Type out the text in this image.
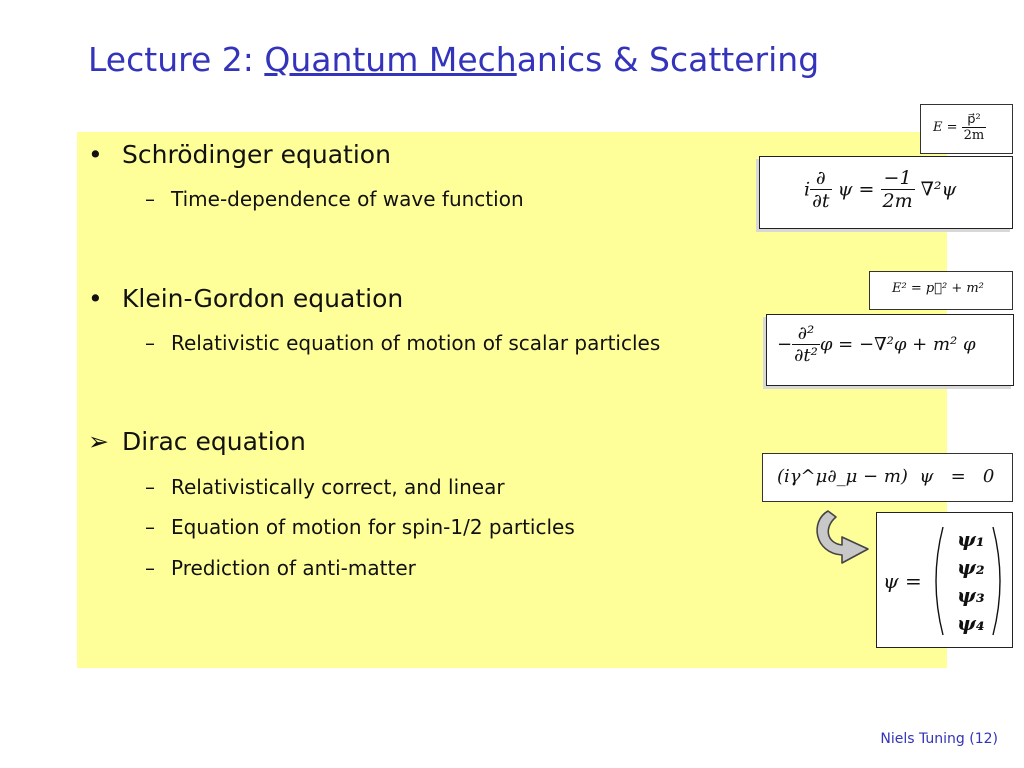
Lecture 2: Quantum Mechanics & Scattering
• Schrödinger equation
– Time-dependence of wave function
• Klein-Gordon equation
– Relativistic equation of motion of scalar particles
➢ Dirac equation
– Relativistically correct, and linear
– Equation of motion for spin-1/2 particles
– Prediction of anti-matter
$E = \frac{\text{p⃗²}}{2m}$
i $\frac{\partial}{\partial t}$ $\psi = \frac{-1}{2m} \nabla^2\psi$
E² = p⃗² + m²
− $\frac{\text{∂²}}{\text{∂t²}}$ φ = −∇²φ + m² φ
(iγ^μ∂_μ − m)  ψ   =   0
ψ =
ψ₁
ψ₂
ψ₃
ψ₄
Niels Tuning (12)
